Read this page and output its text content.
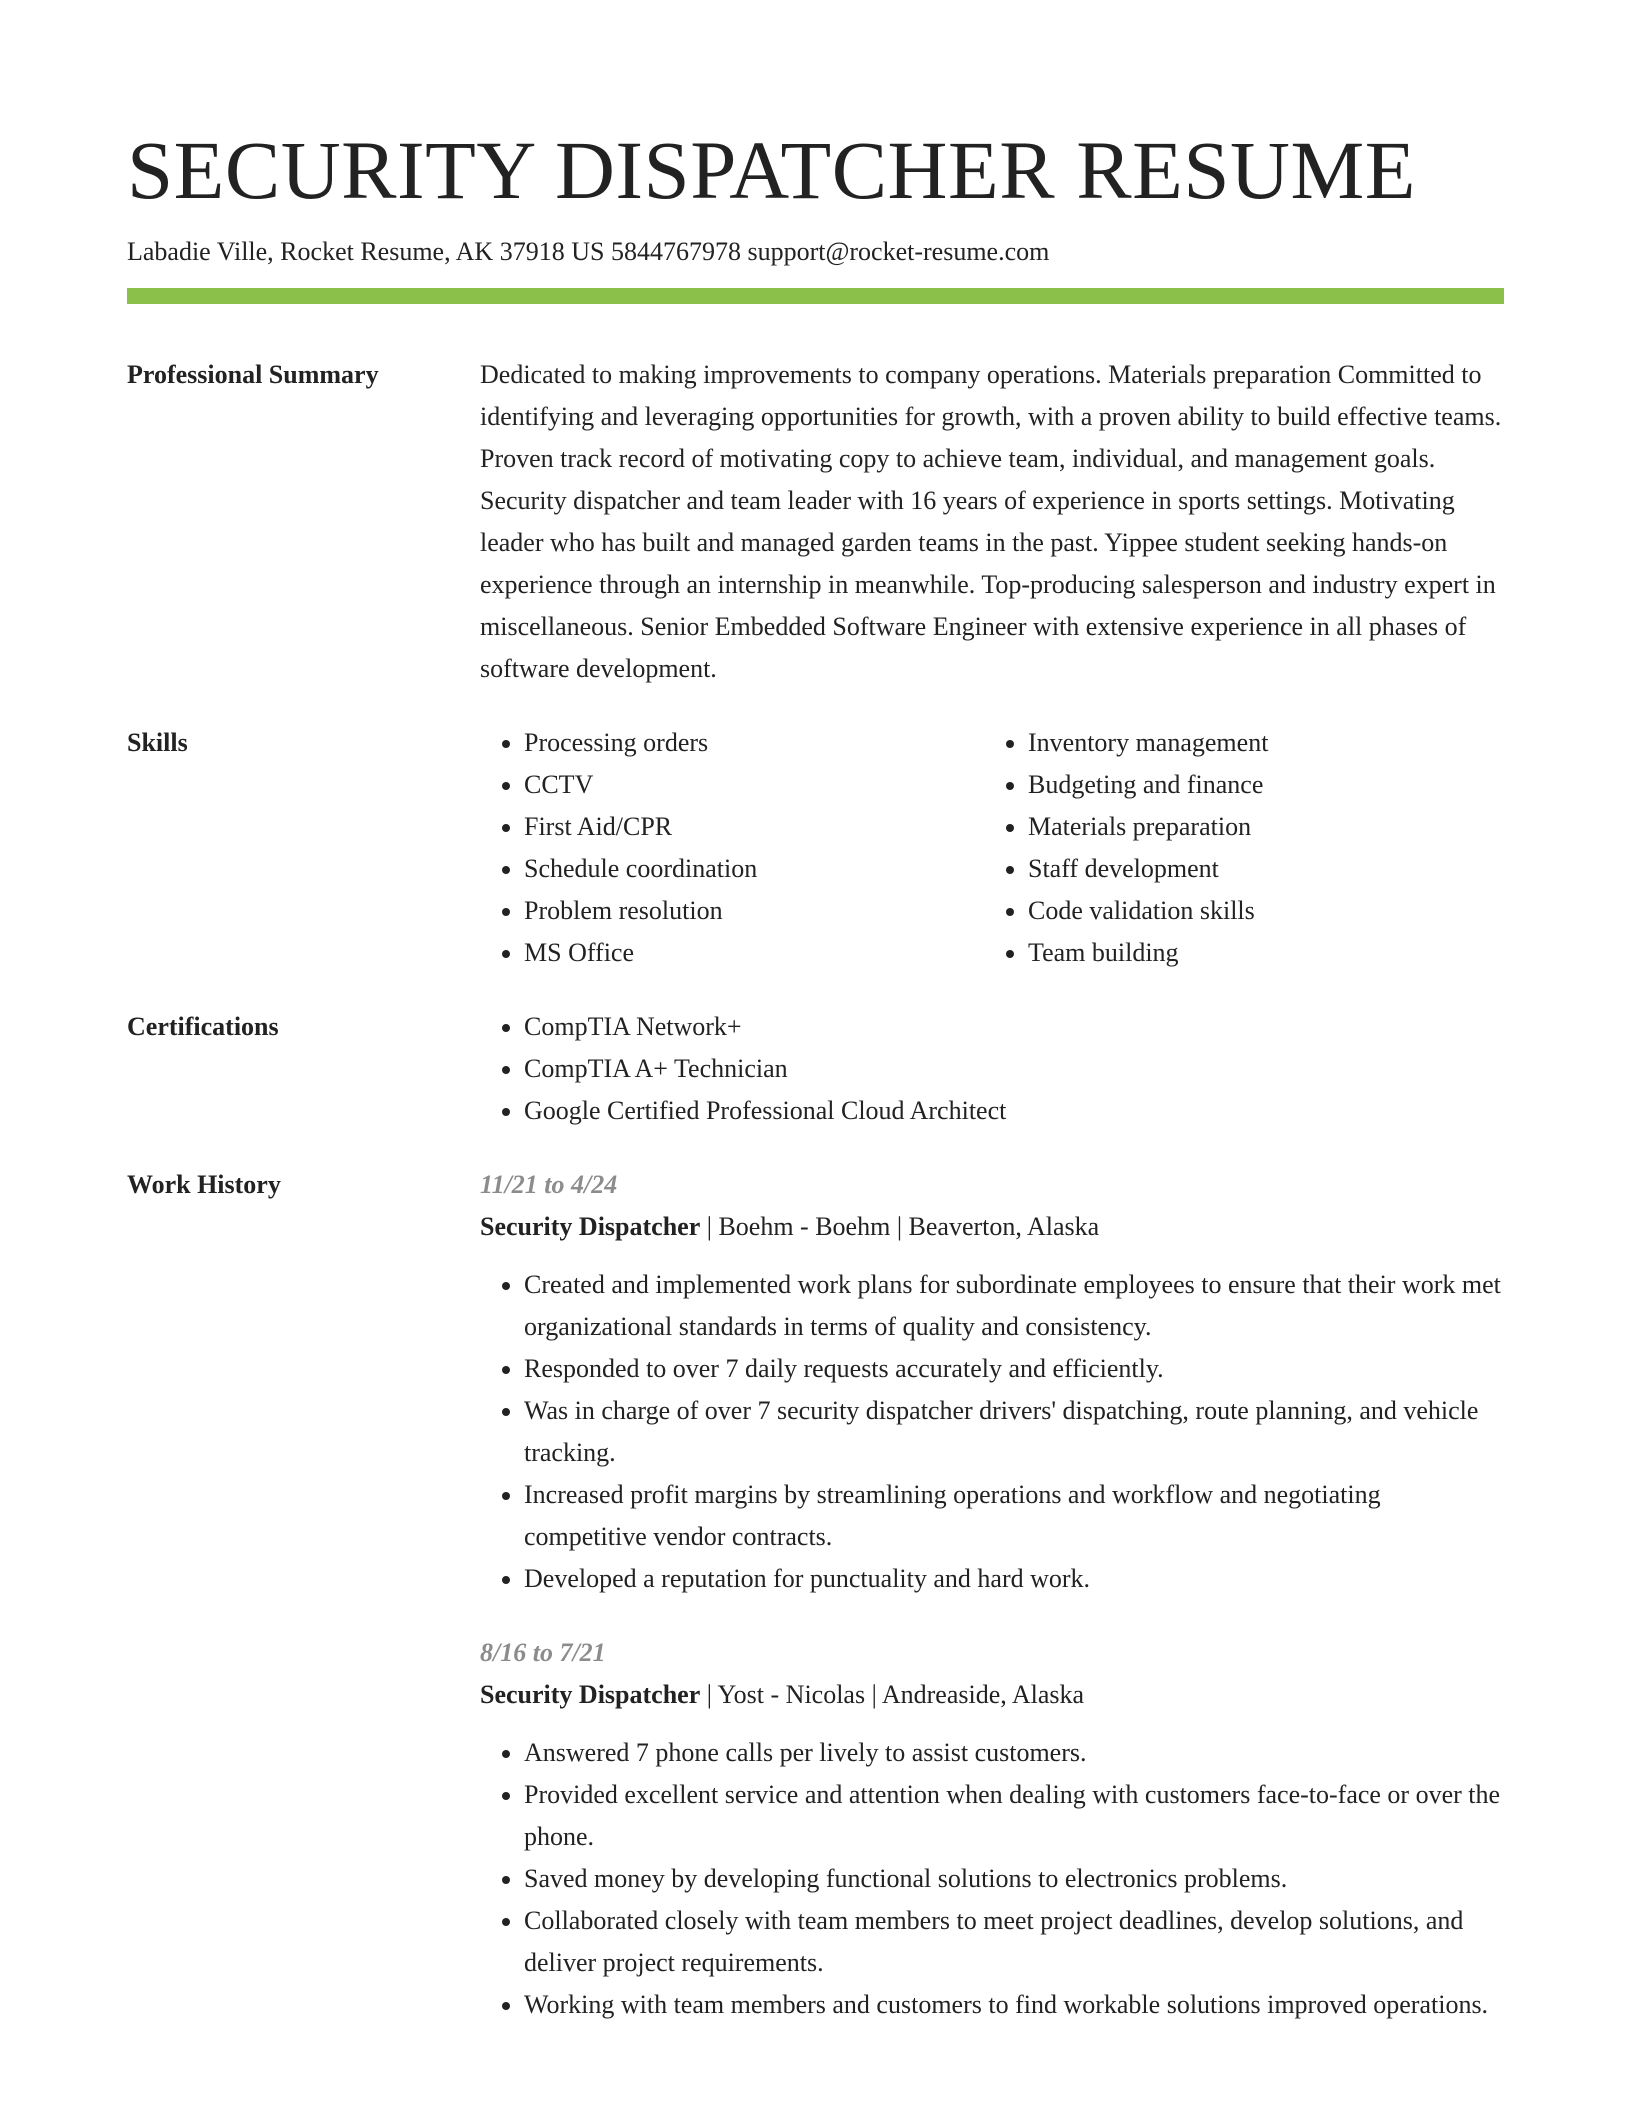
SECURITY DISPATCHER RESUME
Labadie Ville, Rocket Resume, AK 37918 US 5844767978 support@rocket-resume.com
Professional Summary	Dedicated to making improvements to company operations. Materials preparation Committed to identifying and leveraging opportunities for growth, with a proven ability to build effective teams. Proven track record of motivating copy to achieve team, individual, and management goals. Security dispatcher and team leader with 16 years of experience in sports settings. Motivating leader who has built and managed garden teams in the past. Yippee student seeking hands-on experience through an internship in meanwhile. Top-producing salesperson and industry expert in miscellaneous. Senior Embedded Software Engineer with extensive experience in all phases of software development.

Skills	• Processing orders
• CCTV
• First Aid/CPR
• Schedule coordination
• Problem resolution
• MS Office
• Inventory management
• Budgeting and finance
• Materials preparation
• Staff development
• Code validation skills
• Team building
Certifications	• CompTIA Network+
• CompTIA A+ Technician
• Google Certified Professional Cloud Architect
Work History	11/21 to 4/24
Security Dispatcher | Boehm - Boehm | Beaverton, Alaska
• Created and implemented work plans for subordinate employees to ensure that their work met organizational standards in terms of quality and consistency.
• Responded to over 7 daily requests accurately and efficiently.
• Was in charge of over 7 security dispatcher drivers' dispatching, route planning, and vehicle tracking.
• Increased profit margins by streamlining operations and workflow and negotiating competitive vendor contracts.
• Developed a reputation for punctuality and hard work.
8/16 to 7/21
Security Dispatcher | Yost - Nicolas | Andreaside, Alaska
• Answered 7 phone calls per lively to assist customers.
• Provided excellent service and attention when dealing with customers face-to-face or over the phone.
• Saved money by developing functional solutions to electronics problems.
• Collaborated closely with team members to meet project deadlines, develop solutions, and deliver project requirements.
• Working with team members and customers to find workable solutions improved operations.
